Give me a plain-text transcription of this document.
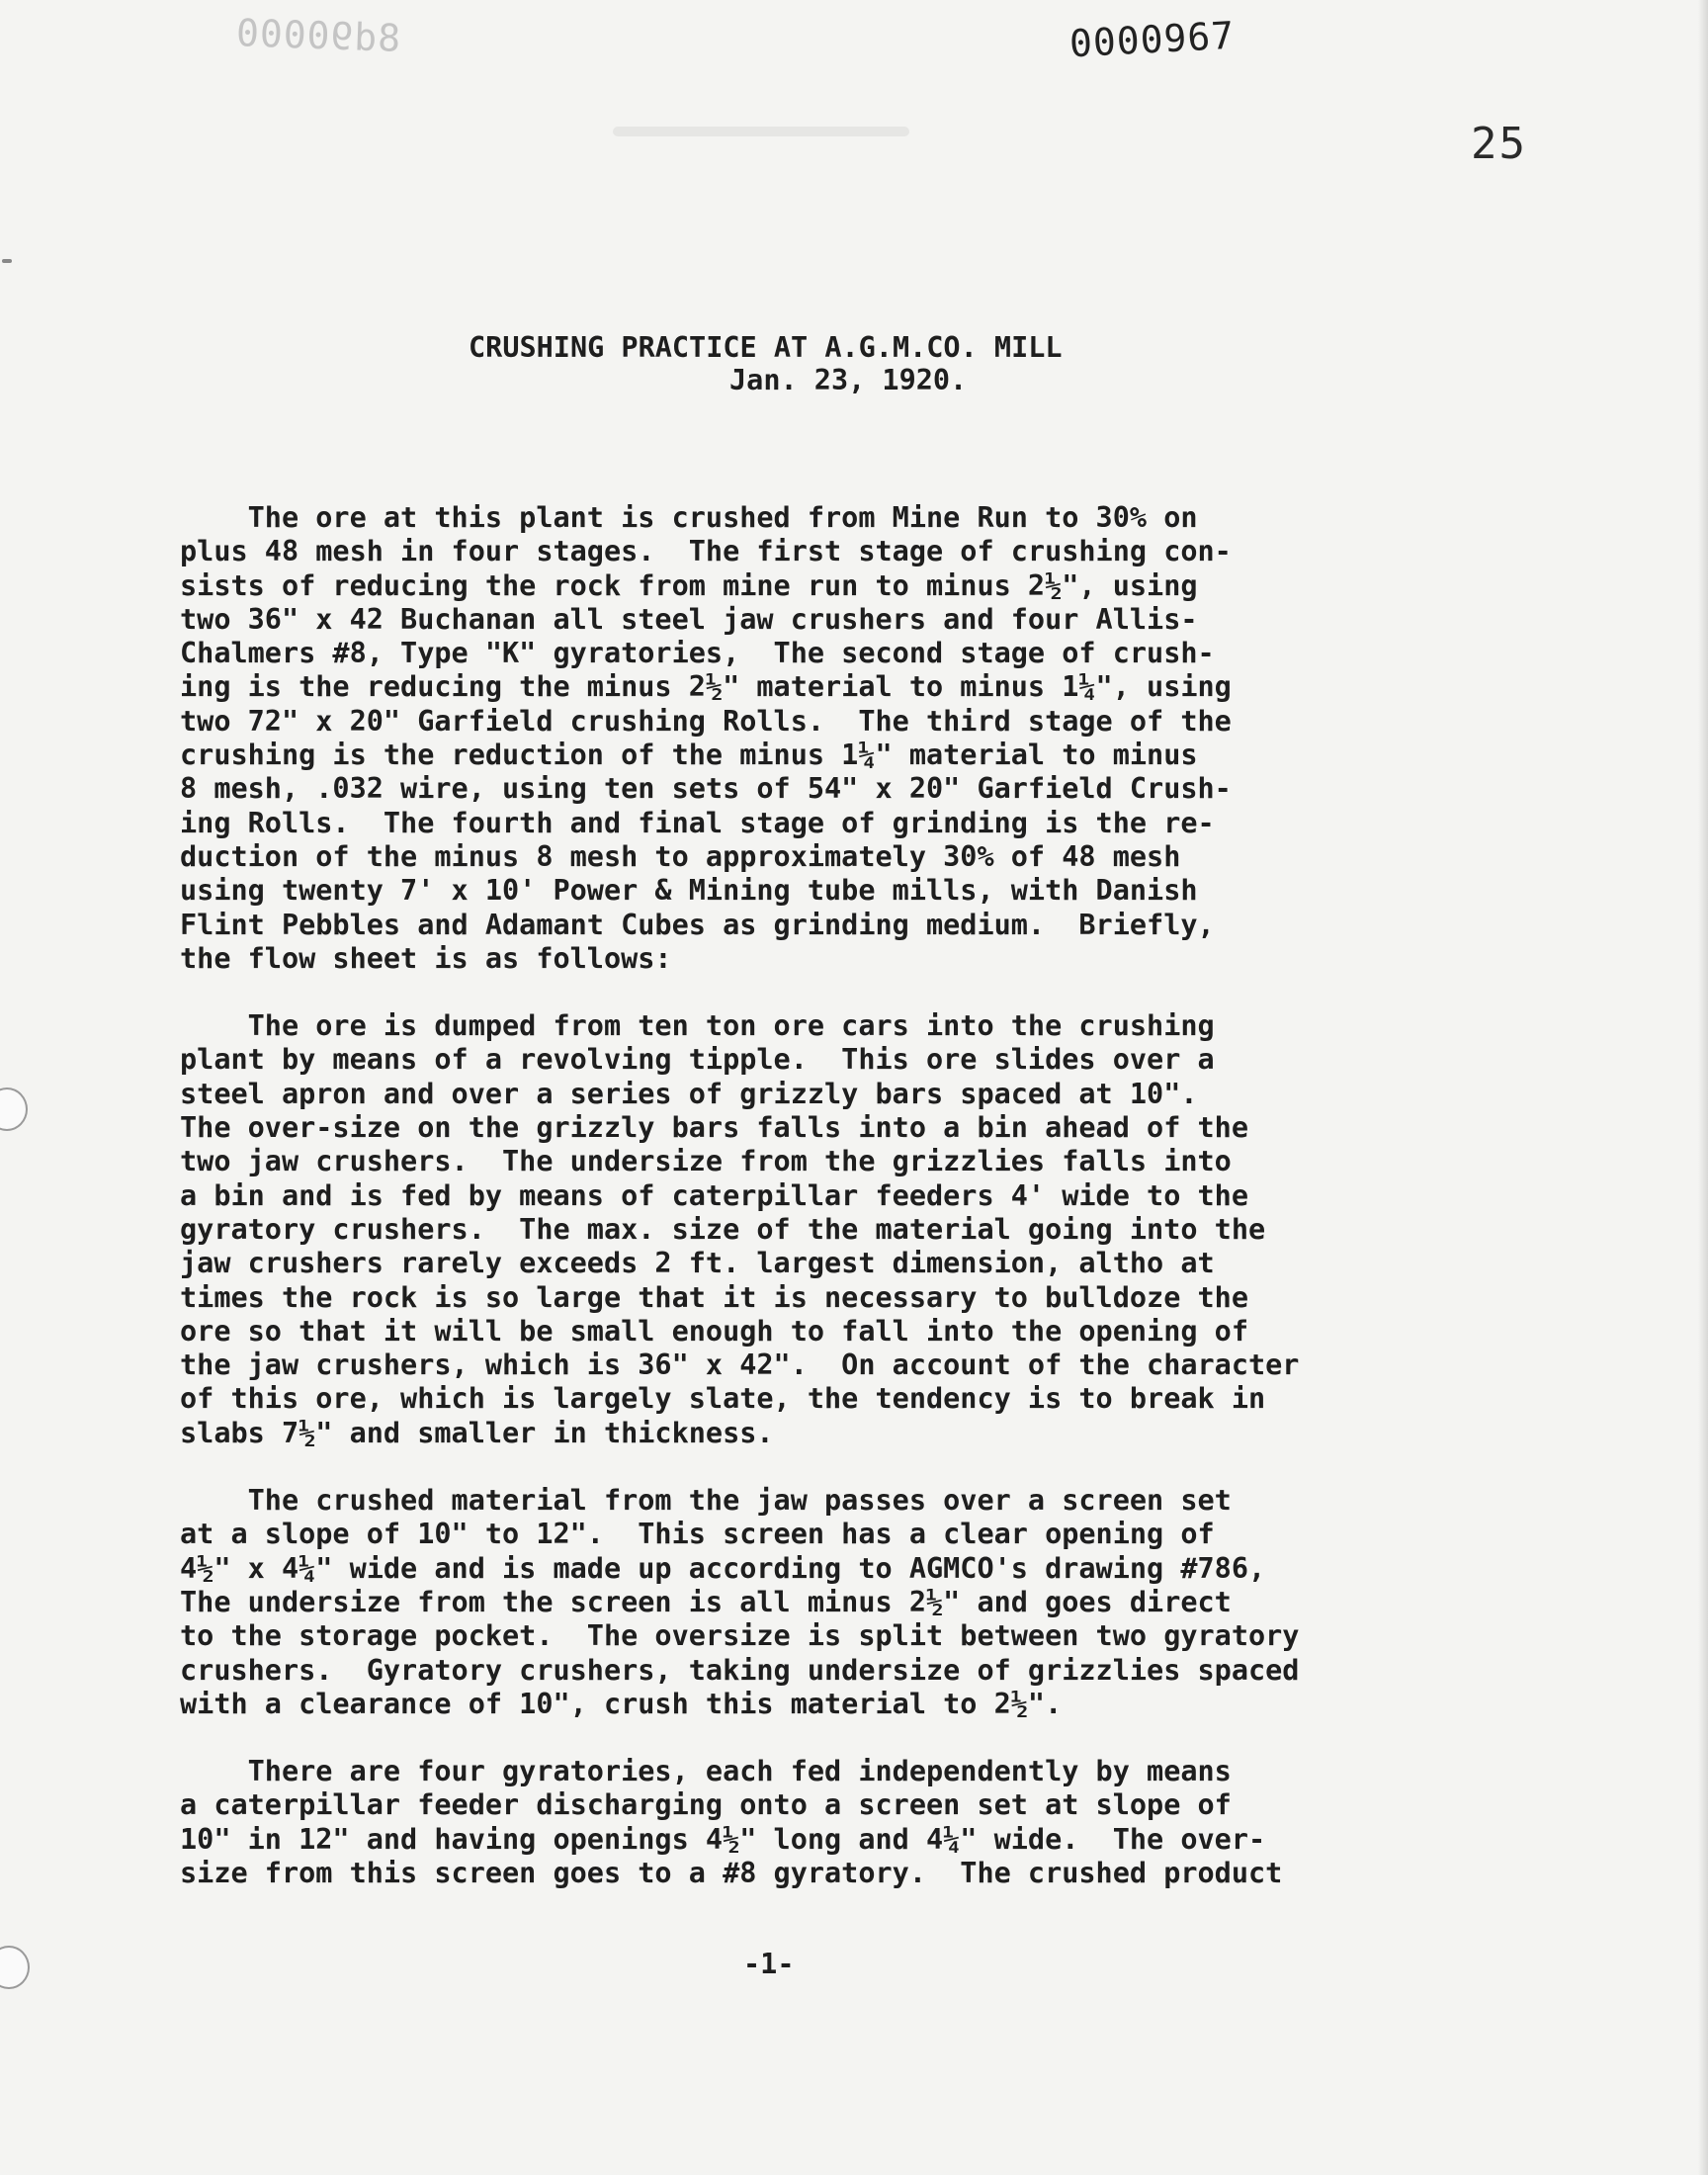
8d90000	0000967
25
CRUSHING PRACTICE AT A.G.M.CO. MILL
Jan. 23, 1920.
The ore at this plant is crushed from Mine Run to 30% on
plus 48 mesh in four stages.  The first stage of crushing con-
sists of reducing the rock from mine run to minus 2½", using
two 36" x 42 Buchanan all steel jaw crushers and four Allis-
Chalmers #8, Type "K" gyratories,  The second stage of crush-
ing is the reducing the minus 2½" material to minus 1¼", using
two 72" x 20" Garfield crushing Rolls.  The third stage of the
crushing is the reduction of the minus 1¼" material to minus
8 mesh, .032 wire, using ten sets of 54" x 20" Garfield Crush-
ing Rolls.  The fourth and final stage of grinding is the re-
duction of the minus 8 mesh to approximately 30% of 48 mesh
using twenty 7' x 10' Power & Mining tube mills, with Danish
Flint Pebbles and Adamant Cubes as grinding medium.  Briefly,
the flow sheet is as follows:
The ore is dumped from ten ton ore cars into the crushing
plant by means of a revolving tipple.  This ore slides over a
steel apron and over a series of grizzly bars spaced at 10".
The over-size on the grizzly bars falls into a bin ahead of the
two jaw crushers.  The undersize from the grizzlies falls into
a bin and is fed by means of caterpillar feeders 4' wide to the
gyratory crushers.  The max. size of the material going into the
jaw crushers rarely exceeds 2 ft. largest dimension, altho at
times the rock is so large that it is necessary to bulldoze the
ore so that it will be small enough to fall into the opening of
the jaw crushers, which is 36" x 42".  On account of the character
of this ore, which is largely slate, the tendency is to break in
slabs 7½" and smaller in thickness.
The crushed material from the jaw passes over a screen set
at a slope of 10" to 12".  This screen has a clear opening of
4½" x 4¼" wide and is made up according to AGMCO's drawing #786,
The undersize from the screen is all minus 2½" and goes direct
to the storage pocket.  The oversize is split between two gyratory
crushers.  Gyratory crushers, taking undersize of grizzlies spaced
with a clearance of 10", crush this material to 2½".
There are four gyratories, each fed independently by means
a caterpillar feeder discharging onto a screen set at slope of
10" in 12" and having openings 4½" long and 4¼" wide.  The over-
size from this screen goes to a #8 gyratory.  The crushed product
-1-
